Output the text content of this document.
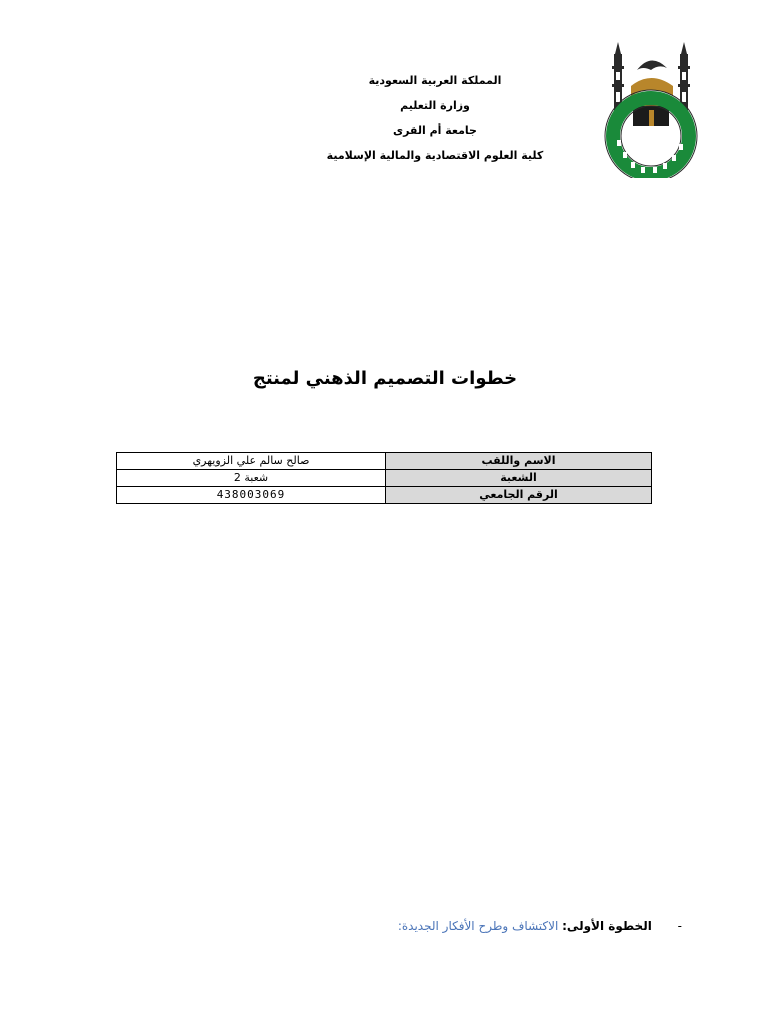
المملكة العربية السعودية
وزارة التعليم
جامعة أم القرى
كلية العلوم الاقتصادية والمالية الإسلامية
خطوات التصميم الذهني لمنتج
الاسم واللقب	صالح سالم علي الزويهري
الشعبة	شعبة 2
الرقم الجامعي	438003069
- الخطوة الأولى: الاكتشاف وطرح الأفكار الجديدة:
